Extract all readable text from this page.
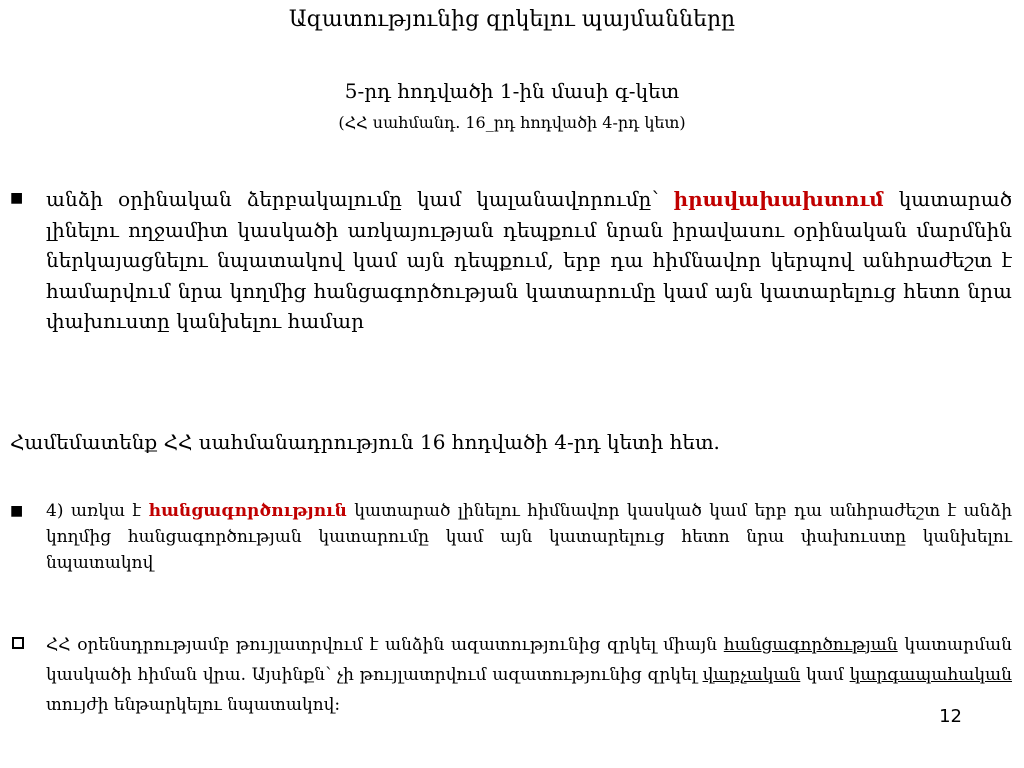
Ազատությունից զրկելու պայմանները
5-րդ հոդվածի 1-ին մասի գ-կետ
(ՀՀ սահմանդ. 16_րդ հոդվածի 4-րդ կետ)
■ անձի օրինական ձերբակալումը կամ կալանավորումը՝ իրավախախտում կատարած լինելու ողջամիտ կասկածի առկայության դեպքում նրան իրավասու օրինական մարմնին ներկայացնելու նպատակով կամ այն դեպքում, երբ դա հիմնավոր կերպով անհրաժեշտ է համարվում նրա կողմից հանցագործության կատարումը կամ այն կատարելուց հետո նրա փախուստը կանխելու համար
Համեմատենք ՀՀ սահմանադրություն 16 հոդվածի 4-րդ կետի հետ.
■ 4) առկա է հանցագործություն կատարած լինելու հիմնավոր կասկած կամ երբ դա անհրաժեշտ է անձի կողմից հանցագործության կատարումը կամ այն կատարելուց հետո նրա փախուստը կանխելու նպատակով
ՀՀ օրենսդրությամբ թույլատրվում է անձին ազատությունից զրկել միայն հանցագործության կատարման կասկածի հիման վրա. Այսինքն՝ չի թույլատրվում ազատությունից զրկել վարչական կամ կարգապահական տույժի ենթարկելու նպատակով:
12
